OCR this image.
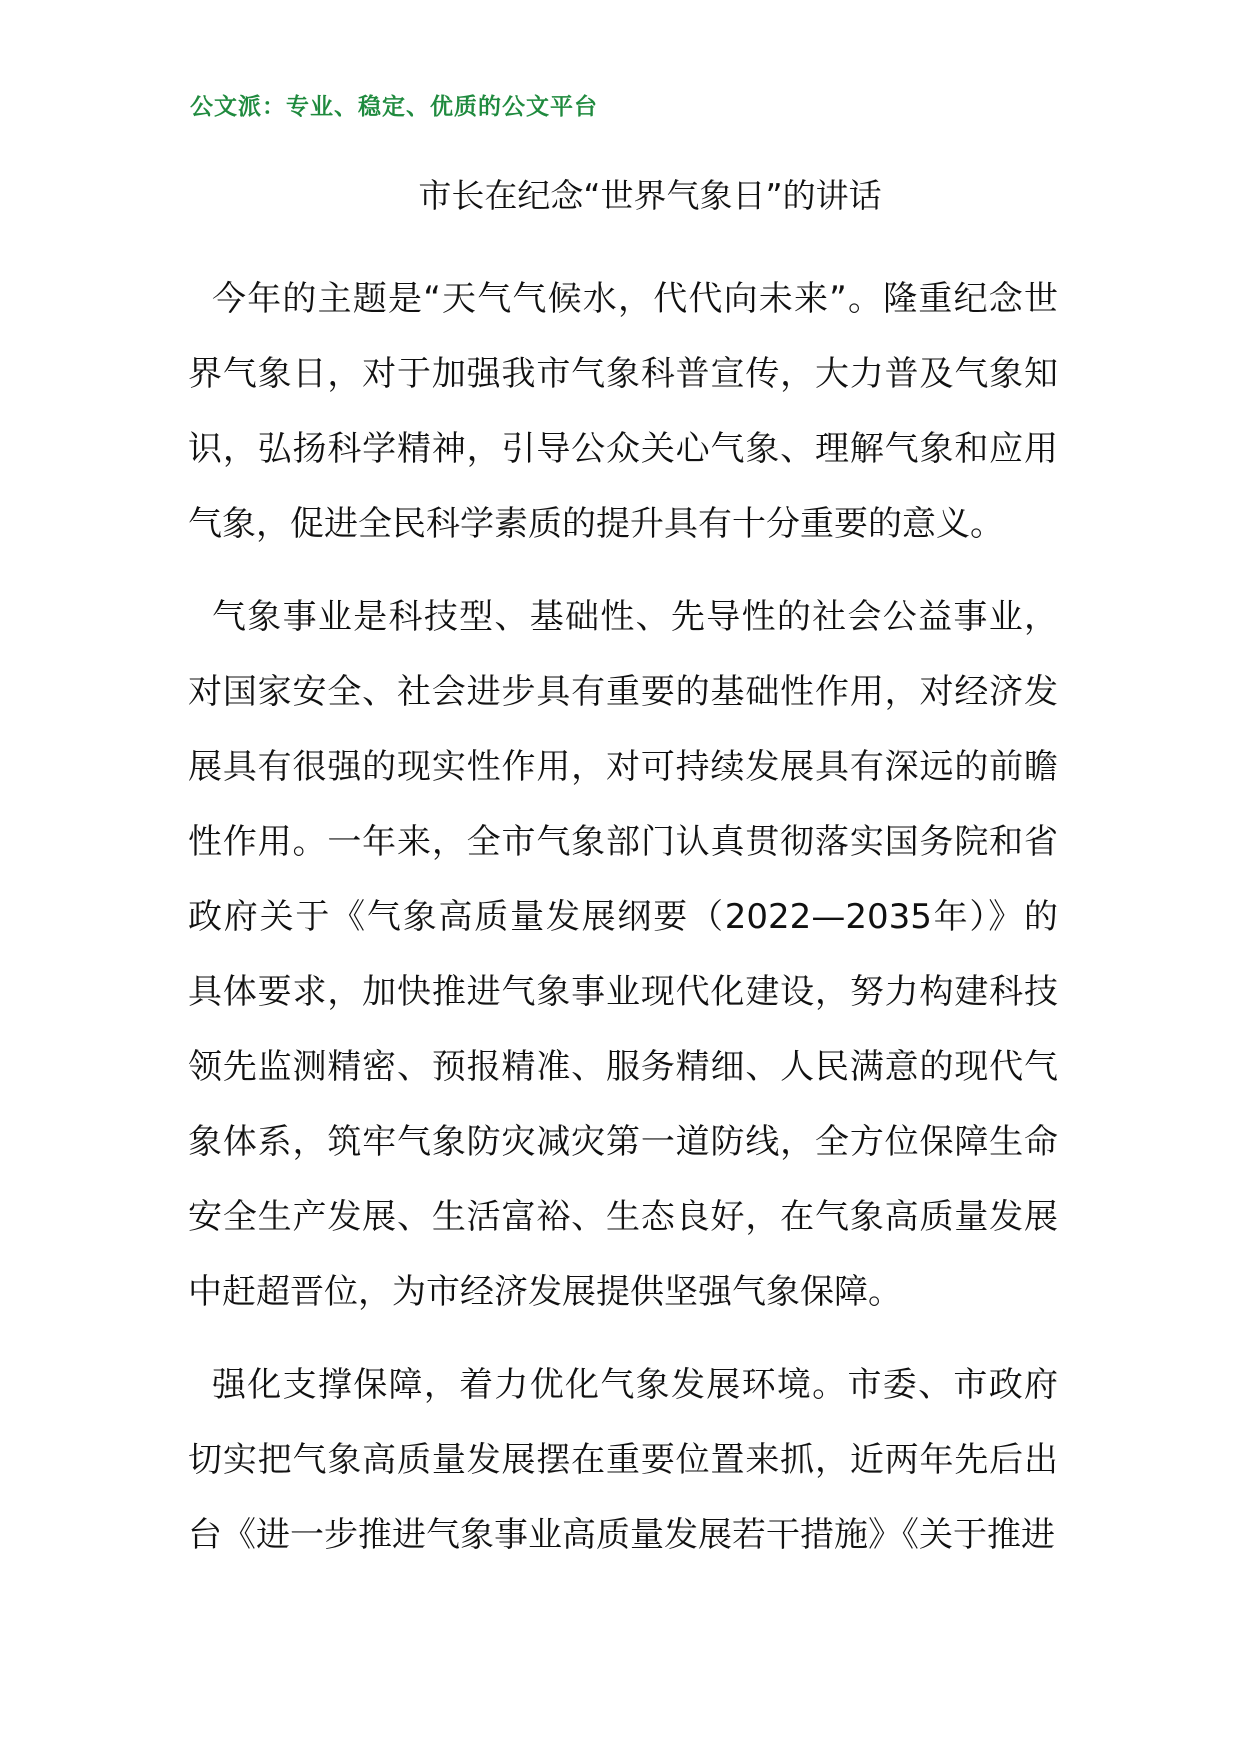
公文派：专业、稳定、优质的公文平台
市长在纪念“世界气象日”的讲话

今年的主题是“天气气候水，代代向未来”。隆重纪念世界气象日，对于加强我市气象科普宣传，大力普及气象知识，弘扬科学精神，引导公众关心气象、理解气象和应用气象，促进全民科学素质的提升具有十分重要的意义。

气象事业是科技型、基础性、先导性的社会公益事业，对国家安全、社会进步具有重要的基础性作用，对经济发展具有很强的现实性作用，对可持续发展具有深远的前瞻性作用。一年来，全市气象部门认真贯彻落实国务院和省政府关于《气象高质量发展纲要（2022—2035年）》的具体要求，加快推进气象事业现代化建设，努力构建科技领先监测精密、预报精准、服务精细、人民满意的现代气象体系，筑牢气象防灾减灾第一道防线，全方位保障生命安全生产发展、生活富裕、生态良好，在气象高质量发展中赶超晋位，为市经济发展提供坚强气象保障。

强化支撑保障，着力优化气象发展环境。市委、市政府切实把气象高质量发展摆在重要位置来抓，近两年先后出台《进一步推进气象事业高质量发展若干措施》《关于推进
